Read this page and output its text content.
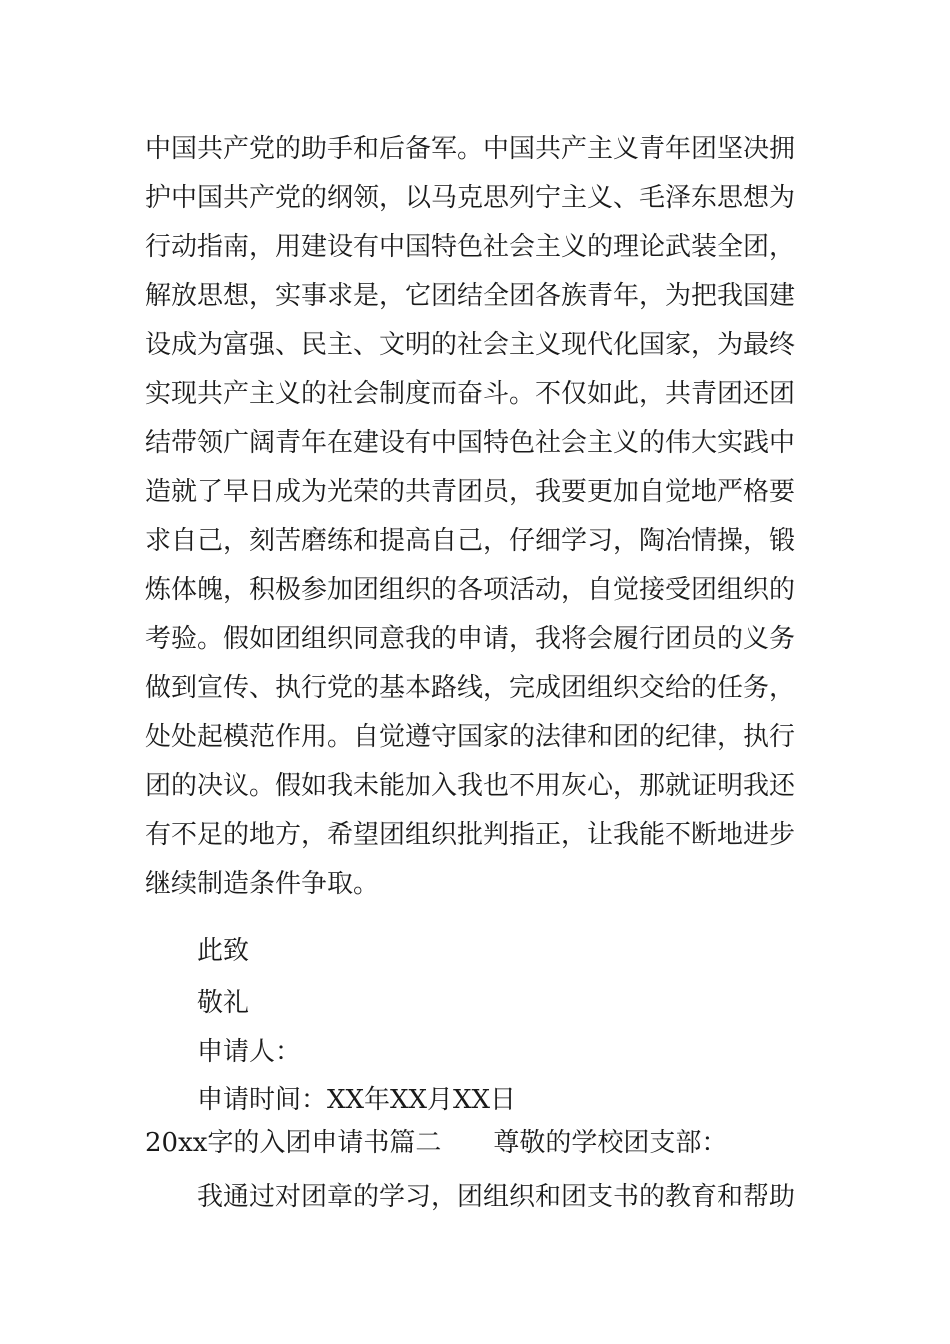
中国共产党的助手和后备军。中国共产主义青年团坚决拥
护中国共产党的纲领，以马克思列宁主义、毛泽东思想为
行动指南，用建设有中国特色社会主义的理论武装全团，
解放思想，实事求是，它团结全团各族青年，为把我国建
设成为富强、民主、文明的社会主义现代化国家，为最终
实现共产主义的社会制度而奋斗。不仅如此，共青团还团
结带领广阔青年在建设有中国特色社会主义的伟大实践中
造就了早日成为光荣的共青团员，我要更加自觉地严格要
求自己，刻苦磨练和提高自己，仔细学习，陶冶情操，锻
炼体魄，积极参加团组织的各项活动，自觉接受团组织的
考验。假如团组织同意我的申请，我将会履行团员的义务
做到宣传、执行党的基本路线，完成团组织交给的任务，
处处起模范作用。自觉遵守国家的法律和团的纪律，执行
团的决议。假如我未能加入我也不用灰心，那就证明我还
有不足的地方，希望团组织批判指正，让我能不断地进步
继续制造条件争取。
此致
敬礼
申请人：
申请时间：XX年XX月XX日
20xx字的入团申请书篇二 尊敬的学校团支部：
我通过对团章的学习，团组织和团支书的教育和帮助
